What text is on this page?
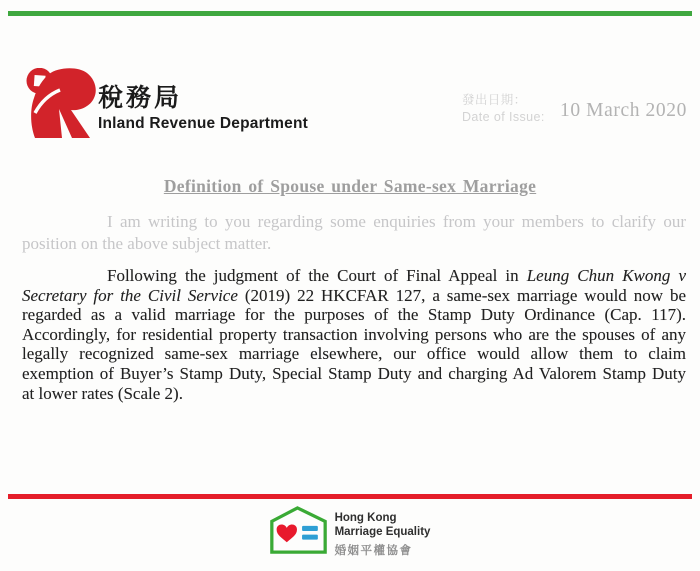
稅務局
Inland Revenue Department
發出日期：
Date of Issue: 10 March 2020
Definition of Spouse under Same-sex Marriage
I am writing to you regarding some enquiries from your members to clarify our
position on the above subject matter.
Following the judgment of the Court of Final Appeal in Leung Chun Kwong v
Secretary for the Civil Service (2019) 22 HKCFAR 127, a same-sex marriage would now be
regarded as a valid marriage for the purposes of the Stamp Duty Ordinance (Cap. 117).
Accordingly, for residential property transaction involving persons who are the spouses of any
legally recognized same-sex marriage elsewhere, our office would allow them to claim
exemption of Buyer’s Stamp Duty, Special Stamp Duty and charging Ad Valorem Stamp Duty
at lower rates (Scale 2).
Hong Kong
Marriage Equality
婚姻平權協會
